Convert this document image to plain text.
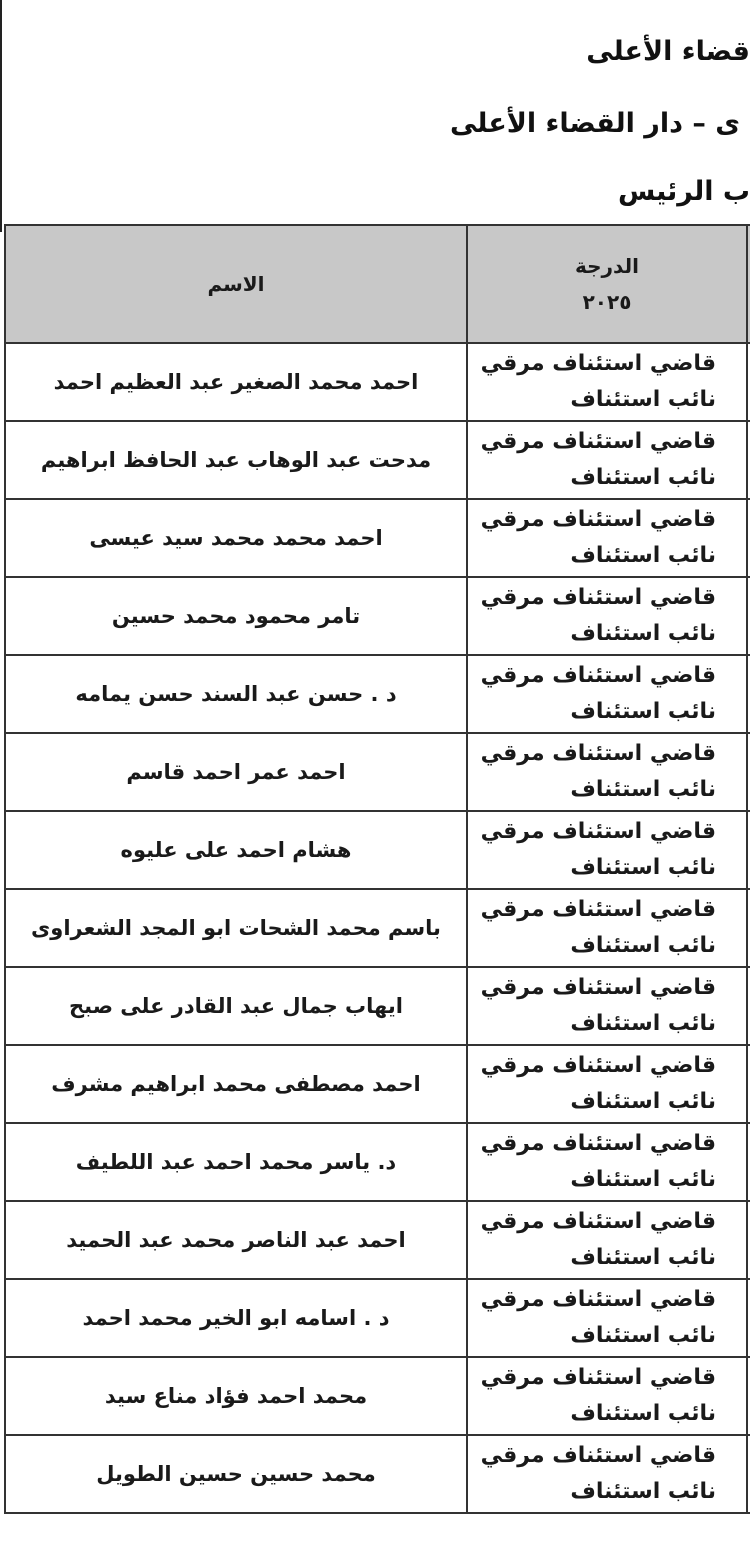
قضاء الأعلى
ى – دار القضاء الأعلى
ب الرئيس
الاسم	الدرجة
٢٠٢٥	

احمد محمد الصغير عبد العظيم احمد	قاضي استئناف مرقي
نائب استئناف	

مدحت عبد الوهاب عبد الحافظ ابراهيم	قاضي استئناف مرقي
نائب استئناف	

احمد محمد محمد سيد عيسى	قاضي استئناف مرقي
نائب استئناف	

تامر محمود محمد حسين	قاضي استئناف مرقي
نائب استئناف	

د . حسن عبد السند حسن يمامه	قاضي استئناف مرقي
نائب استئناف	

احمد عمر احمد قاسم	قاضي استئناف مرقي
نائب استئناف	

هشام احمد على عليوه	قاضي استئناف مرقي
نائب استئناف	

باسم محمد الشحات ابو المجد الشعراوى	قاضي استئناف مرقي
نائب استئناف	

ايهاب جمال عبد القادر على صبح	قاضي استئناف مرقي
نائب استئناف	

احمد مصطفى محمد ابراهيم مشرف	قاضي استئناف مرقي
نائب استئناف	

د. ياسر محمد احمد عبد اللطيف	قاضي استئناف مرقي
نائب استئناف	

احمد عبد الناصر محمد عبد الحميد	قاضي استئناف مرقي
نائب استئناف	

د . اسامه ابو الخير محمد احمد	قاضي استئناف مرقي
نائب استئناف	

محمد احمد فؤاد مناع سيد	قاضي استئناف مرقي
نائب استئناف	

محمد حسين حسين الطويل	قاضي استئناف مرقي
نائب استئناف	
